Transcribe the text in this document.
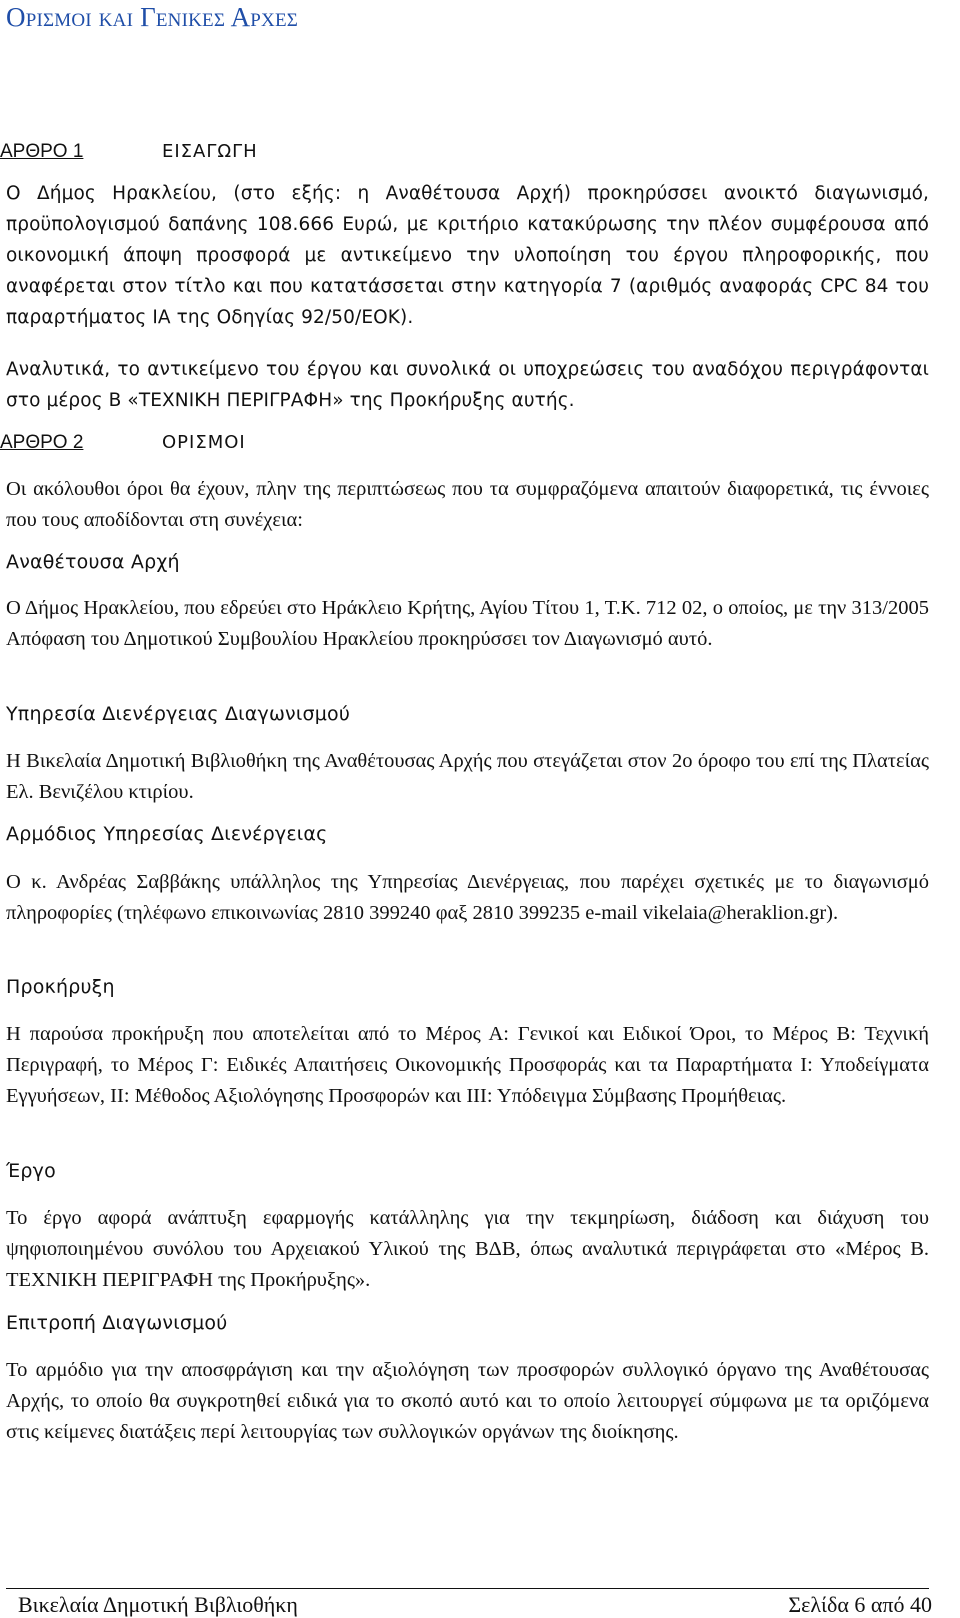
Ορισμοι και Γενικες Αρχες
ΑΡΘΡΟ 1	ΕΙΣΑΓΩΓΗ

Ο Δήμος Ηρακλείου, (στο εξής: η Αναθέτουσα Αρχή) προκηρύσσει ανοικτό διαγωνισμό, προϋπολογισμού δαπάνης 108.666 Ευρώ, με κριτήριο κατακύρωσης την πλέον συμφέρουσα από οικονομική άποψη προσφορά με αντικείμενο την υλοποίηση του έργου πληροφορικής, που αναφέρεται στον τίτλο και που κατατάσσεται στην κατηγορία 7 (αριθμός αναφοράς CPC 84 του παραρτήματος ΙΑ της Οδηγίας 92/50/ΕΟΚ).

Αναλυτικά, το αντικείμενο του έργου και συνολικά οι υποχρεώσεις του αναδόχου περιγράφονται στο μέρος Β «ΤΕΧΝΙΚΗ ΠΕΡΙΓΡΑΦΗ» της Προκήρυξης αυτής.

ΑΡΘΡΟ 2	ΟΡΙΣΜΟΙ

Οι ακόλουθοι όροι θα έχουν, πλην της περιπτώσεως που τα συμφραζόμενα απαιτούν διαφορετικά, τις έννοιες που τους αποδίδονται στη συνέχεια:

Αναθέτουσα Αρχή

Ο Δήμος Ηρακλείου, που εδρεύει στο Ηράκλειο Κρήτης, Αγίου Τίτου 1, Τ.Κ. 712 02, ο οποίος, με την 313/2005 Απόφαση του Δημοτικού Συμβουλίου Ηρακλείου προκηρύσσει τον Διαγωνισμό αυτό.

Υπηρεσία Διενέργειας Διαγωνισμού

Η Βικελαία Δημοτική Βιβλιοθήκη της Αναθέτουσας Αρχής που στεγάζεται στον 2ο όροφο του επί της Πλατείας Ελ. Βενιζέλου κτιρίου.

Αρμόδιος Υπηρεσίας Διενέργειας

Ο κ. Ανδρέας Σαββάκης υπάλληλος της Υπηρεσίας Διενέργειας, που παρέχει σχετικές με το διαγωνισμό πληροφορίες (τηλέφωνο επικοινωνίας 2810 399240 φαξ 2810 399235 e-mail vikelaia@heraklion.gr).

Προκήρυξη

Η παρούσα προκήρυξη που αποτελείται από το Μέρος Α: Γενικοί και Ειδικοί Όροι, το Μέρος Β: Τεχνική Περιγραφή, το Μέρος Γ: Ειδικές Απαιτήσεις Οικονομικής Προσφοράς και τα Παραρτήματα Ι: Υποδείγματα Εγγυήσεων, ΙΙ: Μέθοδος Αξιολόγησης Προσφορών και ΙΙΙ: Υπόδειγμα Σύμβασης Προμήθειας.

Έργο

Το έργο αφορά ανάπτυξη εφαρμογής κατάλληλης για την τεκμηρίωση, διάδοση και διάχυση του ψηφιοποιημένου συνόλου του Αρχειακού Υλικού της ΒΔΒ, όπως αναλυτικά περιγράφεται στο «Μέρος Β. ΤΕΧΝΙΚΗ ΠΕΡΙΓΡΑΦΗ της Προκήρυξης».

Επιτροπή Διαγωνισμού

Το αρμόδιο για την αποσφράγιση και την αξιολόγηση των προσφορών συλλογικό όργανο της Αναθέτουσας Αρχής, το οποίο θα συγκροτηθεί ειδικά για το σκοπό αυτό και το οποίο λειτουργεί σύμφωνα με τα οριζόμενα στις κείμενες διατάξεις περί λειτουργίας των συλλογικών οργάνων της διοίκησης.

Βικελαία Δημοτική Βιβλιοθήκη	Σελίδα 6 από 40
